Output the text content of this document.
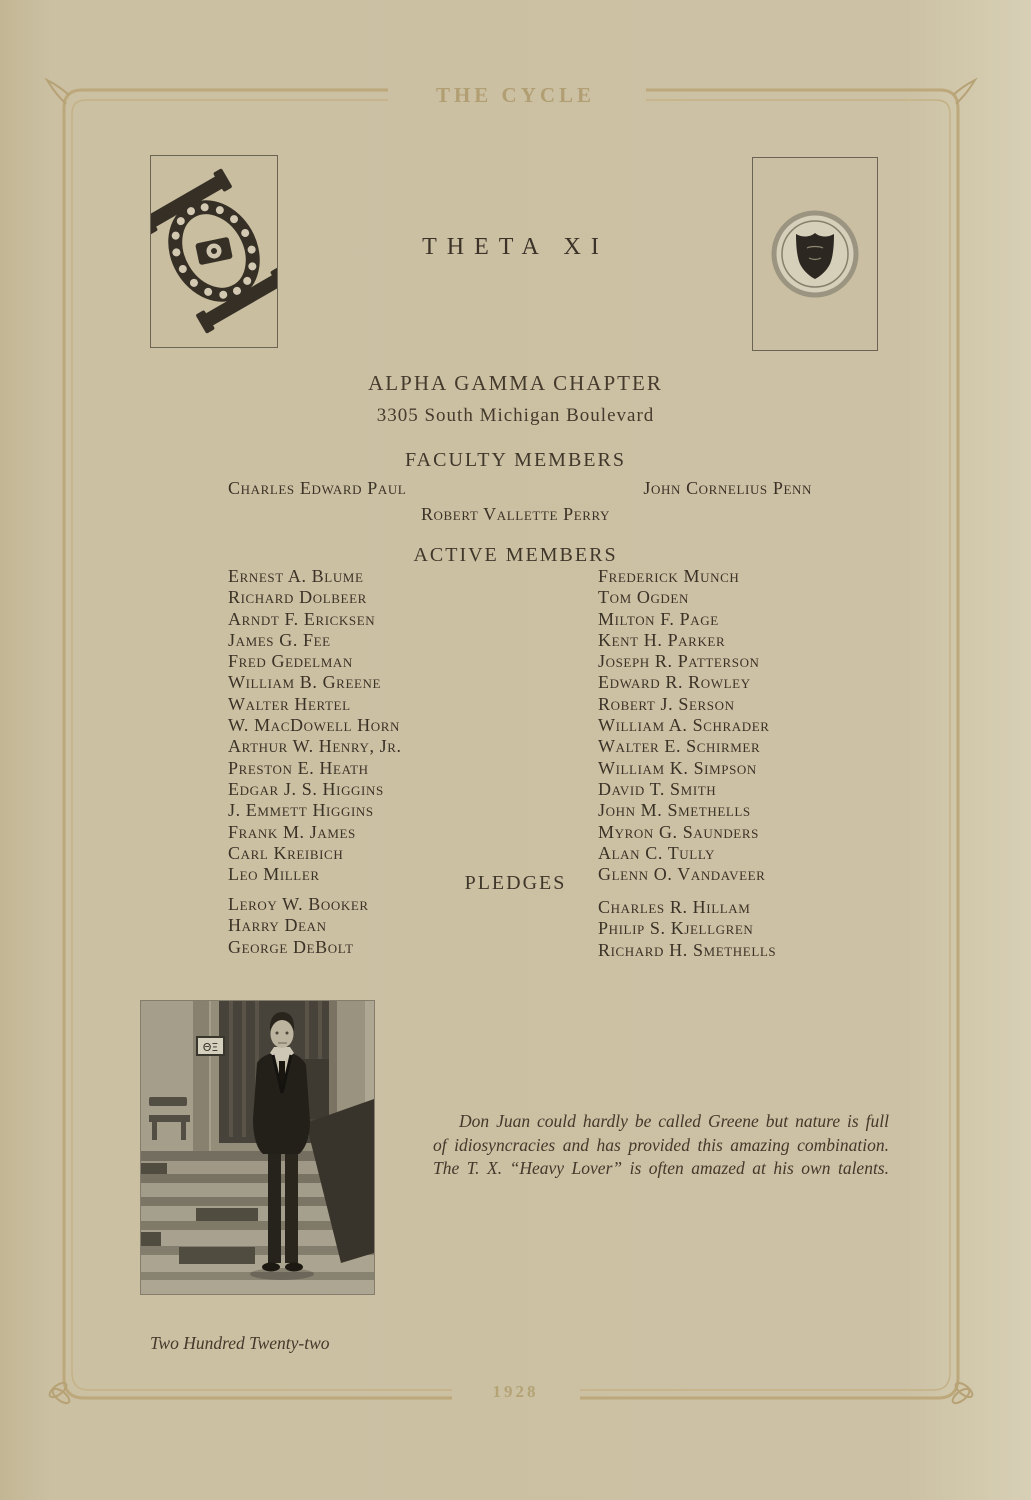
THE CYCLE
1928
THETA XI
ALPHA GAMMA CHAPTER
3305 South Michigan Boulevard
FACULTY MEMBERS
Charles Edward Paul	John Cornelius Penn
Robert Vallette Perry
ACTIVE MEMBERS
Ernest A. Blume
Richard Dolbeer
Arndt F. Ericksen
James G. Fee
Fred Gedelman
William B. Greene
Walter Hertel
W. MacDowell Horn
Arthur W. Henry, Jr.
Preston E. Heath
Edgar J. S. Higgins
J. Emmett Higgins
Frank M. James
Carl Kreibich
Leo Miller
Frederick Munch
Tom Ogden
Milton F. Page
Kent H. Parker
Joseph R. Patterson
Edward R. Rowley
Robert J. Serson
William A. Schrader
Walter E. Schirmer
William K. Simpson
David T. Smith
John M. Smethells
Myron G. Saunders
Alan C. Tully
Glenn O. Vandaveer
PLEDGES
Leroy W. Booker
Harry Dean
George DeBolt
Charles R. Hillam
Philip S. Kjellgren
Richard H. Smethells
ΘΞ
Don Juan could hardly be called Greene but nature is full
of idiosyncracies and has provided this amazing combination.
The T. X. “Heavy Lover” is often amazed at his own talents.
Two Hundred Twenty-two
